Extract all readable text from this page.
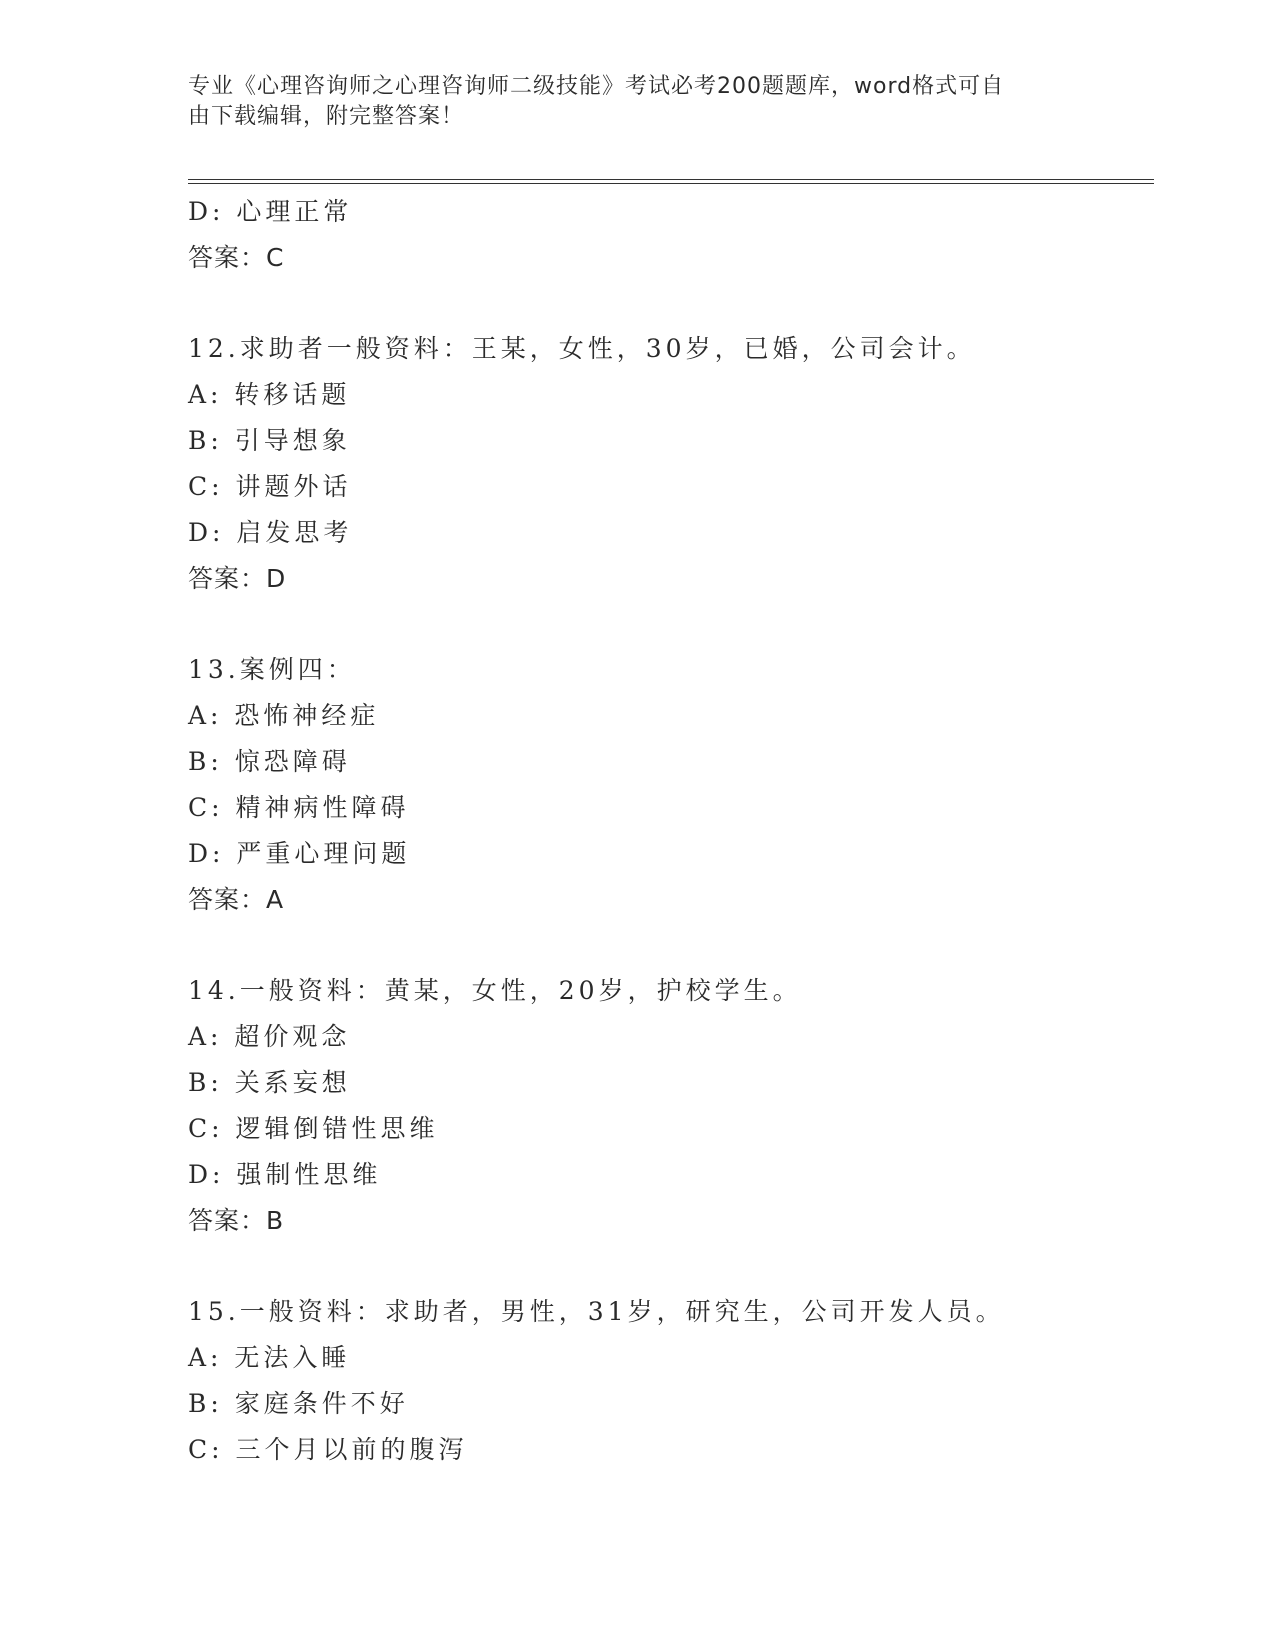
专业《心理咨询师之心理咨询师二级技能》考试必考200题题库，word格式可自
由下载编辑，附完整答案！
D: 心理正常
答案：C
12.求助者一般资料：王某，女性，30岁，已婚，公司会计。
A: 转移话题
B: 引导想象
C: 讲题外话
D: 启发思考
答案：D
13.案例四：
A: 恐怖神经症
B: 惊恐障碍
C: 精神病性障碍
D: 严重心理问题
答案：A
14.一般资料：黄某，女性，20岁，护校学生。
A: 超价观念
B: 关系妄想
C: 逻辑倒错性思维
D: 强制性思维
答案：B
15.一般资料：求助者，男性，31岁，研究生，公司开发人员。
A: 无法入睡
B: 家庭条件不好
C: 三个月以前的腹泻
